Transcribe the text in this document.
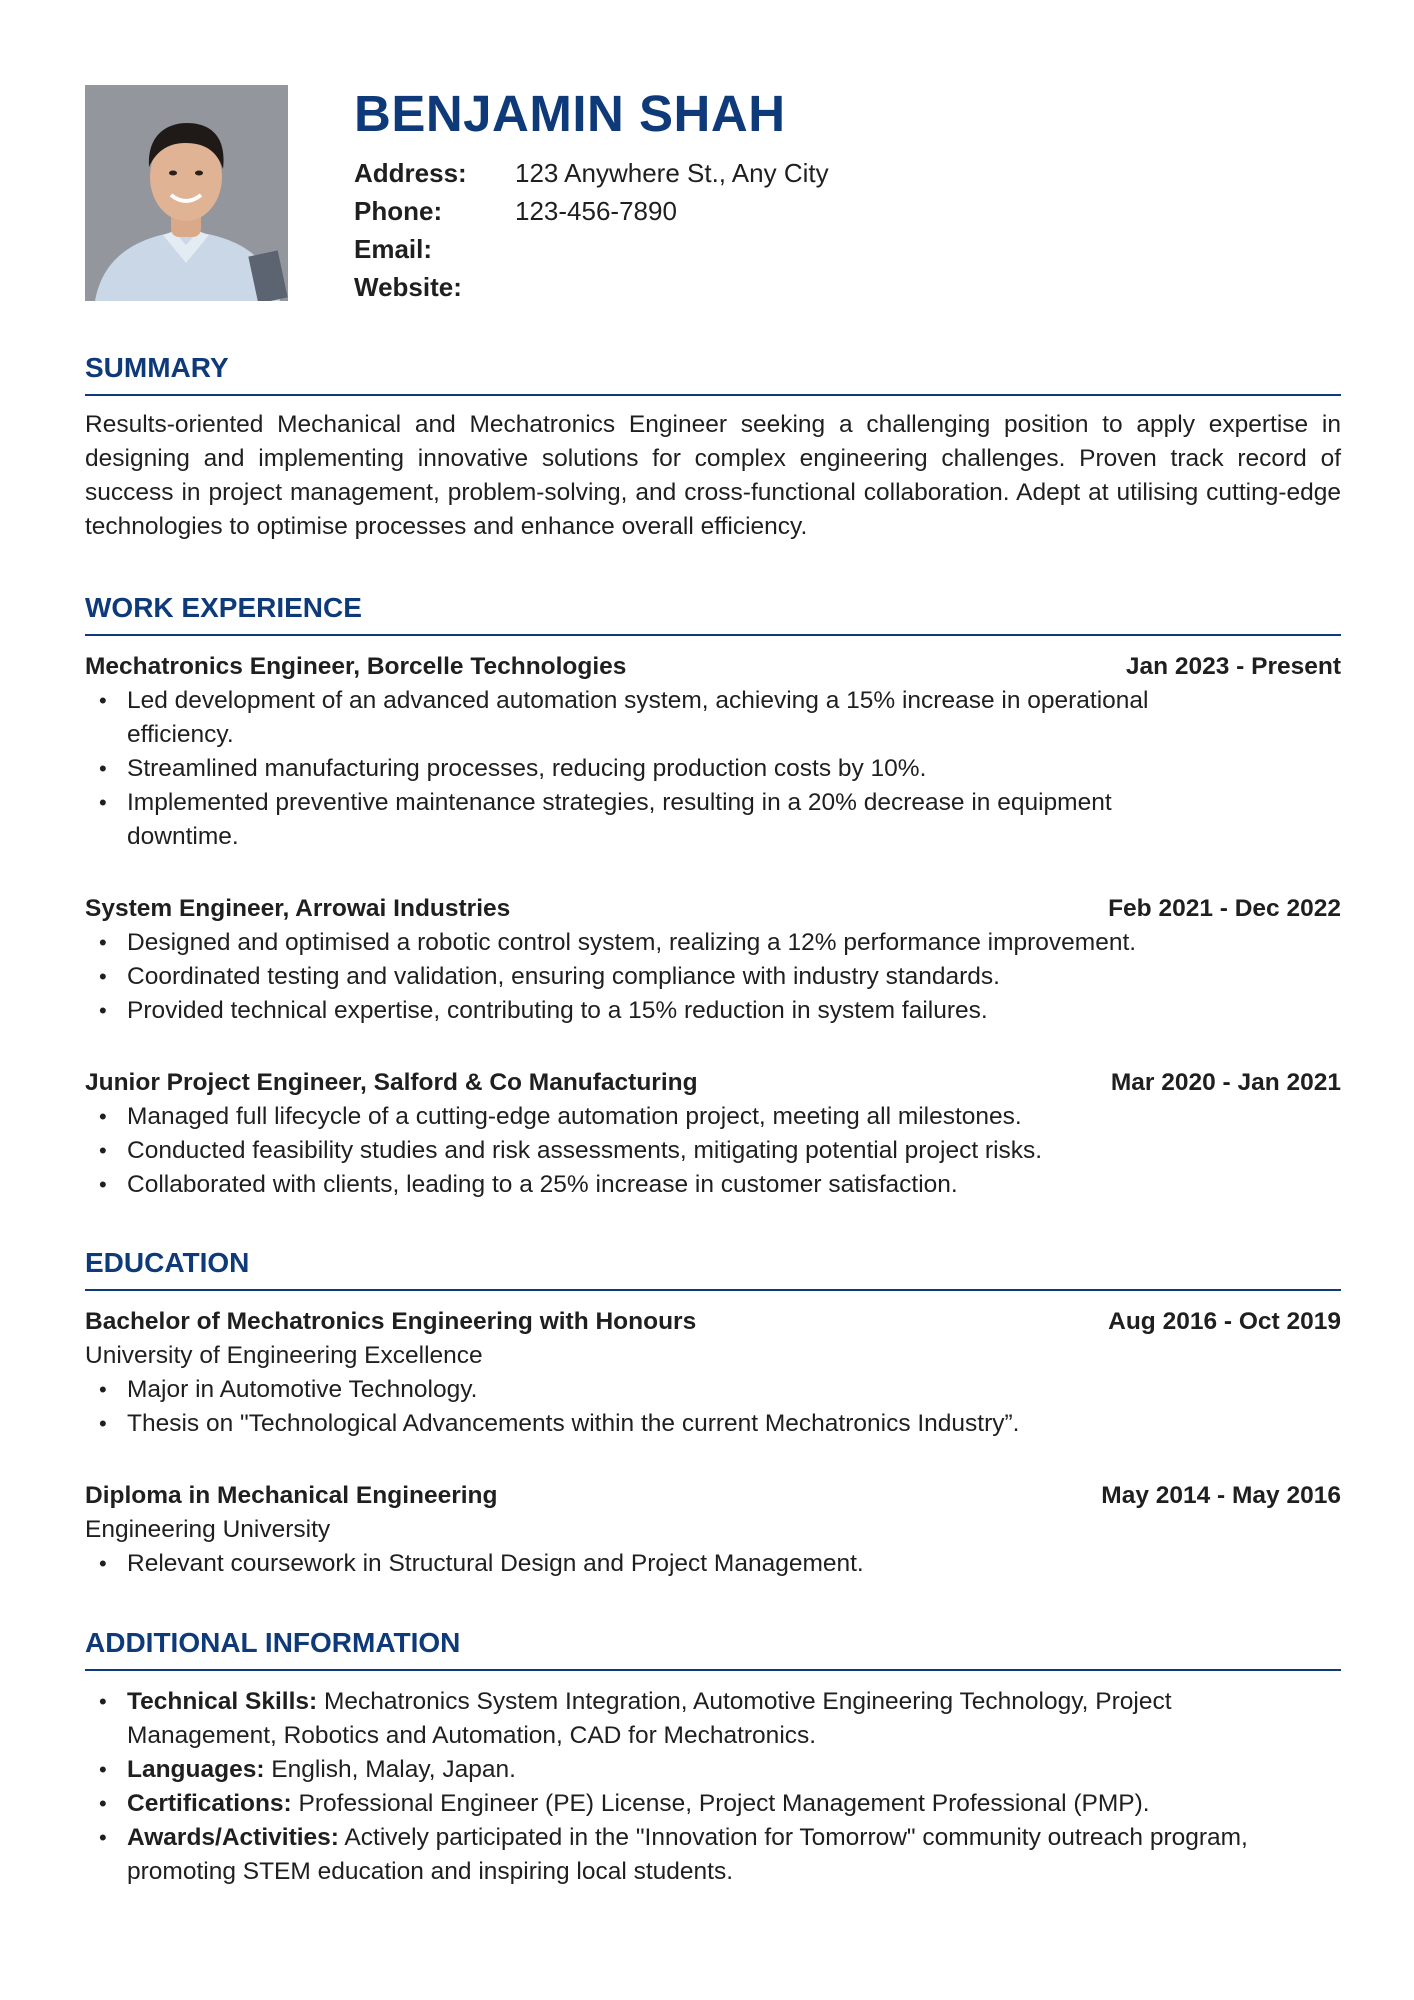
BENJAMIN SHAH
Address:	123 Anywhere St., Any City
Phone:	123-456-7890
Email:
Website:
SUMMARY

Results-oriented Mechanical and Mechatronics Engineer seeking a challenging position to apply expertise in designing and implementing innovative solutions for complex engineering challenges. Proven track record of success in project management, problem-solving, and cross-functional collaboration. Adept at utilising cutting-edge technologies to optimise processes and enhance overall efficiency.

WORK EXPERIENCE
Mechatronics Engineer, Borcelle Technologies	Jan 2023 - Present
• Led development of an advanced automation system, achieving a 15% increase in operational efficiency.
• Streamlined manufacturing processes, reducing production costs by 10%.
• Implemented preventive maintenance strategies, resulting in a 20% decrease in equipment downtime.
System Engineer, Arrowai Industries	Feb 2021 - Dec 2022
• Designed and optimised a robotic control system, realizing a 12% performance improvement.
• Coordinated testing and validation, ensuring compliance with industry standards.
• Provided technical expertise, contributing to a 15% reduction in system failures.
Junior Project Engineer, Salford & Co Manufacturing	Mar 2020 - Jan 2021
• Managed full lifecycle of a cutting-edge automation project, meeting all milestones.
• Conducted feasibility studies and risk assessments, mitigating potential project risks.
• Collaborated with clients, leading to a 25% increase in customer satisfaction.
EDUCATION
Bachelor of Mechatronics Engineering with Honours	Aug 2016 - Oct 2019
University of Engineering Excellence
• Major in Automotive Technology.
• Thesis on "Technological Advancements within the current Mechatronics Industry”.
Diploma in Mechanical Engineering	May 2014 - May 2016
Engineering University
• Relevant coursework in Structural Design and Project Management.
ADDITIONAL INFORMATION
• Technical Skills: Mechatronics System Integration, Automotive Engineering Technology, Project Management, Robotics and Automation, CAD for Mechatronics.
• Languages: English, Malay, Japan.
• Certifications: Professional Engineer (PE) License, Project Management Professional (PMP).
• Awards/Activities: Actively participated in the "Innovation for Tomorrow" community outreach program, promoting STEM education and inspiring local students.
